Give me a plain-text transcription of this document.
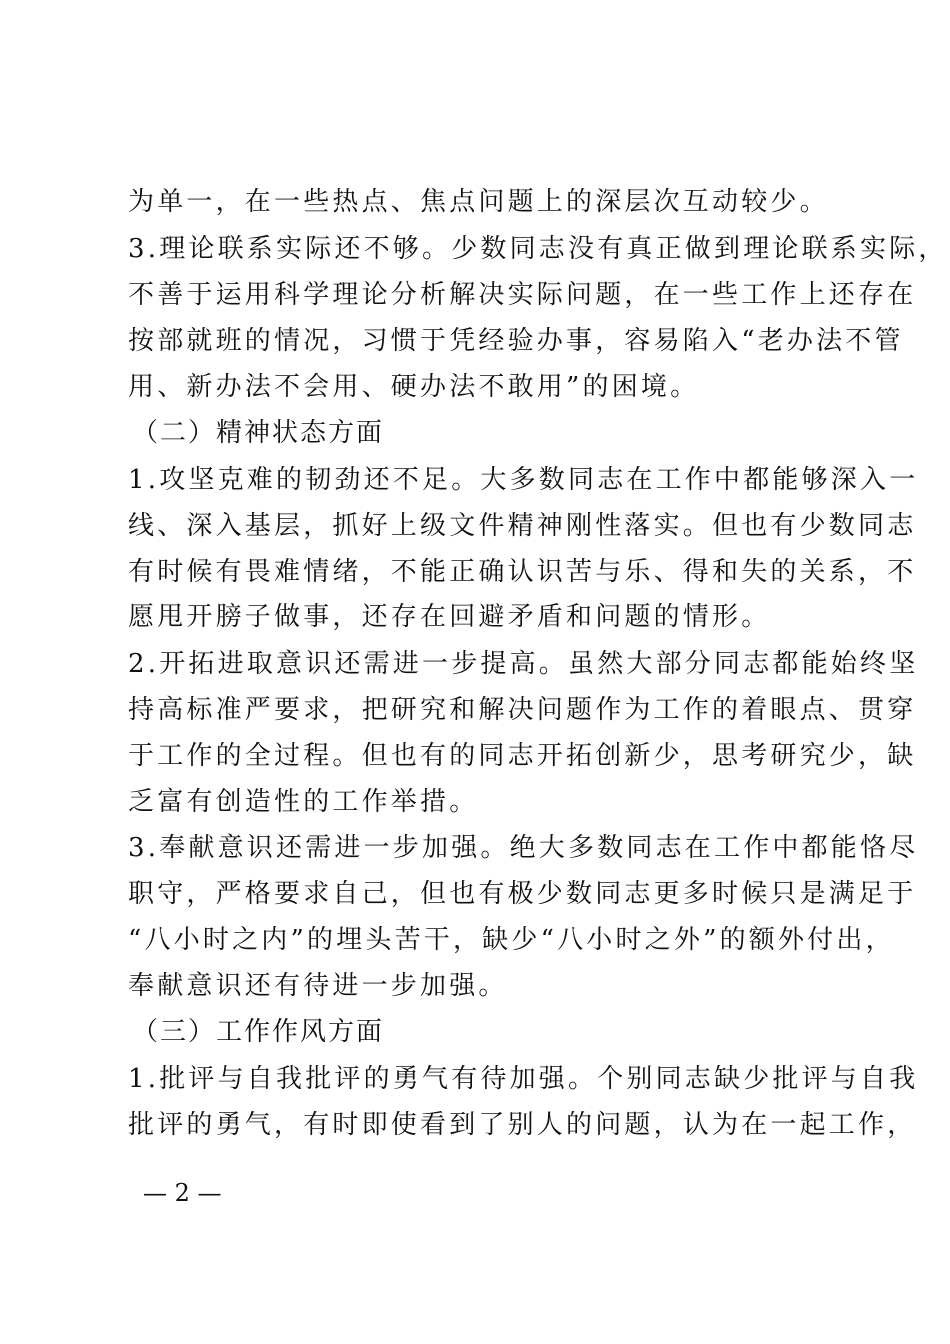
为单一，在一些热点、焦点问题上的深层次互动较少。
3.理论联系实际还不够。少数同志没有真正做到理论联系实际，
不善于运用科学理论分析解决实际问题，在一些工作上还存在
按部就班的情况，习惯于凭经验办事，容易陷入“老办法不管
用、新办法不会用、硬办法不敢用”的困境。
（二）精神状态方面
1.攻坚克难的韧劲还不足。大多数同志在工作中都能够深入一
线、深入基层，抓好上级文件精神刚性落实。但也有少数同志
有时候有畏难情绪，不能正确认识苦与乐、得和失的关系，不
愿甩开膀子做事，还存在回避矛盾和问题的情形。
2.开拓进取意识还需进一步提高。虽然大部分同志都能始终坚
持高标准严要求，把研究和解决问题作为工作的着眼点、贯穿
于工作的全过程。但也有的同志开拓创新少，思考研究少，缺
乏富有创造性的工作举措。
3.奉献意识还需进一步加强。绝大多数同志在工作中都能恪尽
职守，严格要求自己，但也有极少数同志更多时候只是满足于
“八小时之内”的埋头苦干，缺少“八小时之外”的额外付出，
奉献意识还有待进一步加强。
（三）工作作风方面
1.批评与自我批评的勇气有待加强。个别同志缺少批评与自我
批评的勇气，有时即使看到了别人的问题，认为在一起工作，
— 2 —
